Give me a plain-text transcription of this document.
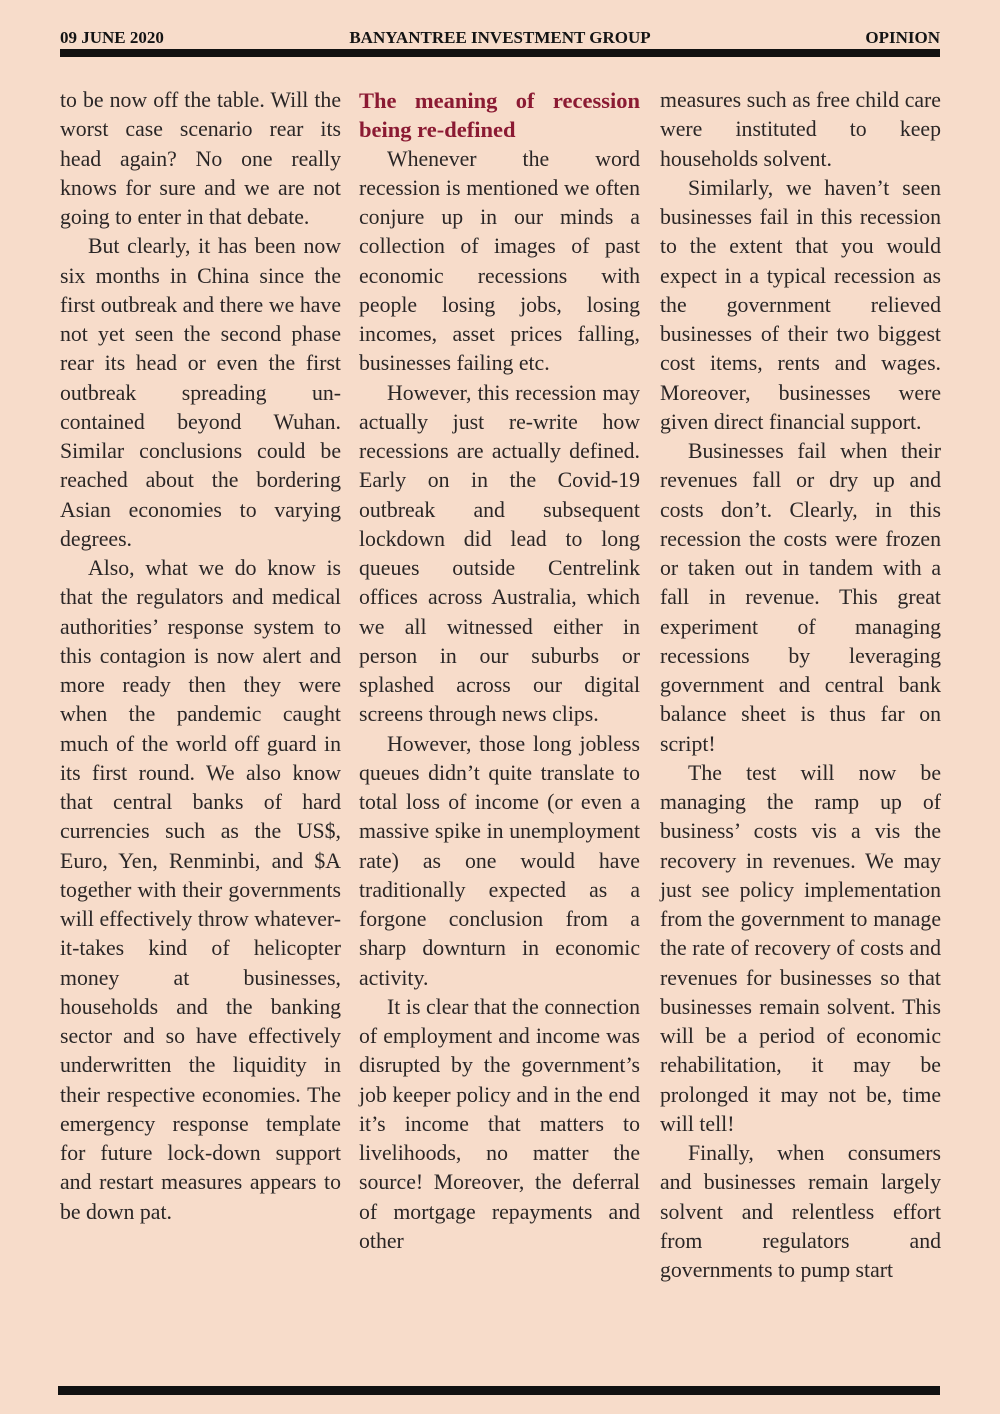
09 JUNE 2020	BANYANTREE INVESTMENT GROUP	OPINION

to be now off the table. Will the worst case scenario rear its head again? No one really knows for sure and we are not going to enter in that debate.

But clearly, it has been now six months in China since the first outbreak and there we have not yet seen the second phase rear its head or even the first outbreak spreading un-contained beyond Wuhan. Similar conclusions could be reached about the bordering Asian economies to varying degrees.

Also, what we do know is that the regulators and medical authorities’ response system to this contagion is now alert and more ready then they were when the pandemic caught much of the world off guard in its first round. We also know that central banks of hard currencies such as the US$, Euro, Yen, Renminbi, and $A together with their governments will effectively throw whatever-it-takes kind of helicopter money at businesses, households and the banking sector and so have effectively underwritten the liquidity in their respective economies. The emergency response template for future lock-down support and restart measures appears to be down pat.

The meaning of recession being re-defined

Whenever the word recession is mentioned we often conjure up in our minds a collection of images of past economic recessions with people losing jobs, losing incomes, asset prices falling, businesses failing etc.

However, this recession may actually just re-write how recessions are actually defined. Early on in the Covid-19 outbreak and subsequent lockdown did lead to long queues outside Centrelink offices across Australia, which we all witnessed either in person in our suburbs or splashed across our digital screens through news clips.

However, those long jobless queues didn’t quite translate to total loss of income (or even a massive spike in unemployment rate) as one would have traditionally expected as a forgone conclusion from a sharp downturn in economic activity.

It is clear that the connection of employment and income was disrupted by the government’s job keeper policy and in the end it’s income that matters to livelihoods, no matter the source! Moreover, the deferral of mortgage repayments and other

measures such as free child care were instituted to keep households solvent.

Similarly, we haven’t seen businesses fail in this recession to the extent that you would expect in a typical recession as the government relieved businesses of their two biggest cost items, rents and wages. Moreover, businesses were given direct financial support.

Businesses fail when their revenues fall or dry up and costs don’t. Clearly, in this recession the costs were frozen or taken out in tandem with a fall in revenue. This great experiment of managing recessions by leveraging government and central bank balance sheet is thus far on script!

The test will now be managing the ramp up of business’ costs vis a vis the recovery in revenues. We may just see policy implementation from the government to manage the rate of recovery of costs and revenues for businesses so that businesses remain solvent. This will be a period of economic rehabilitation, it may be prolonged it may not be, time will tell!

Finally, when consumers and businesses remain largely solvent and relentless effort from regulators and governments to pump start
